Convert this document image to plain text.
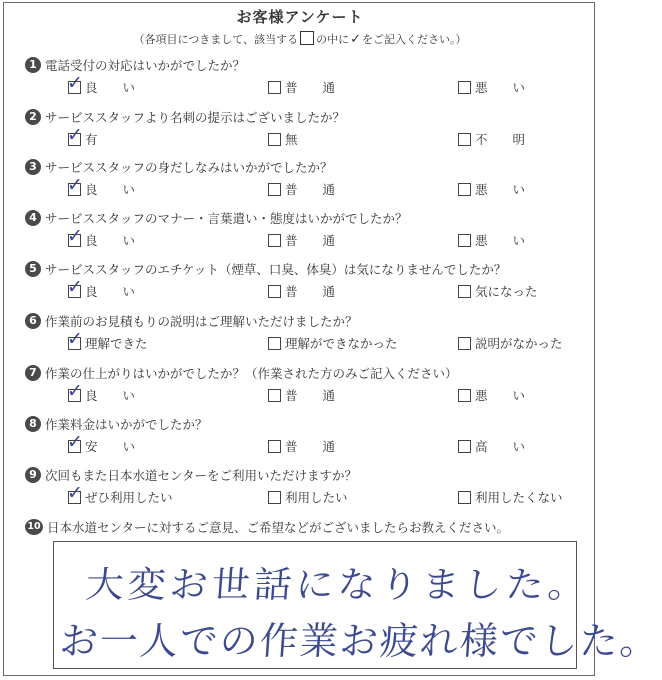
お客様アンケート
（各項目につきまして、該当する の中に✓をご記入ください。）
1 電話受付の対応はいかがでしたか？
✓ 良　　い	普　　通	悪　　い
2 サービススタッフより名刺の提示はございましたか？
✓ 有	無	不　　明
3 サービススタッフの身だしなみはいかがでしたか？
✓ 良　　い	普　　通	悪　　い
4 サービススタッフのマナー・言葉遣い・態度はいかがでしたか？
✓ 良　　い	普　　通	悪　　い
5 サービススタッフのエチケット（煙草、口臭、体臭）は気になりませんでしたか？
✓ 良　　い	普　　通	気になった
6 作業前のお見積もりの説明はご理解いただけましたか？
✓ 理解できた	理解ができなかった	説明がなかった
7 作業の仕上がりはいかがでしたか？（作業された方のみご記入ください）
✓ 良　　い	普　　通	悪　　い
8 作業料金はいかがでしたか？
✓ 安　　い	普　　通	高　　い
9 次回もまた日本水道センターをご利用いただけますか？
✓ ぜひ利用したい	利用したい	利用したくない
10 日本水道センターに対するご意見、ご希望などがございましたらお教えください。
大変お世話になりました。
お一人での作業お疲れ様でした。
